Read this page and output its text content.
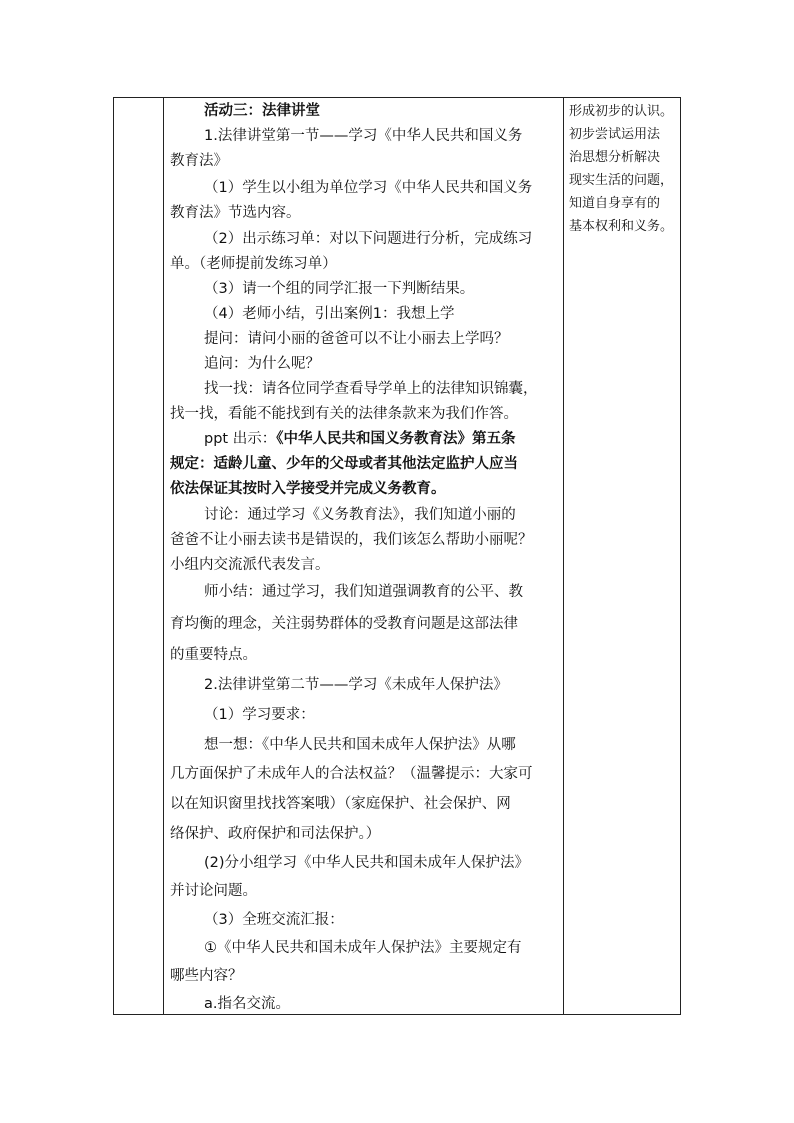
活动三：法律讲堂
1.法律讲堂第一节——学习《中华人民共和国义务
教育法》
（1）学生以小组为单位学习《中华人民共和国义务
教育法》节选内容。
（2）出示练习单：对以下问题进行分析，完成练习
单。（老师提前发练习单）
（3）请一个组的同学汇报一下判断结果。
（4）老师小结，引出案例1：我想上学
提问：请问小丽的爸爸可以不让小丽去上学吗？
追问：为什么呢？
找一找：请各位同学查看导学单上的法律知识锦囊，
找一找，看能不能找到有关的法律条款来为我们作答。
ppt 出示：《中华人民共和国义务教育法》第五条
规定：适龄儿童、少年的父母或者其他法定监护人应当
依法保证其按时入学接受并完成义务教育。
讨论：通过学习《义务教育法》，我们知道小丽的
爸爸不让小丽去读书是错误的，我们该怎么帮助小丽呢？
小组内交流派代表发言。
师小结：通过学习，我们知道强调教育的公平、教
育均衡的理念，关注弱势群体的受教育问题是这部法律
的重要特点。
2.法律讲堂第二节——学习《未成年人保护法》
（1）学习要求：
想一想：《中华人民共和国未成年人保护法》从哪
几方面保护了未成年人的合法权益？（温馨提示：大家可
以在知识窗里找找答案哦）（家庭保护、社会保护、网
络保护、政府保护和司法保护。）
(2)分小组学习《中华人民共和国未成年人保护法》
并讨论问题。
（3）全班交流汇报：
①《中华人民共和国未成年人保护法》主要规定有
哪些内容？
a.指名交流。
形成初步的认识。
初步尝试运用法
治思想分析解决
现实生活的问题，
知道自身享有的
基本权利和义务。
